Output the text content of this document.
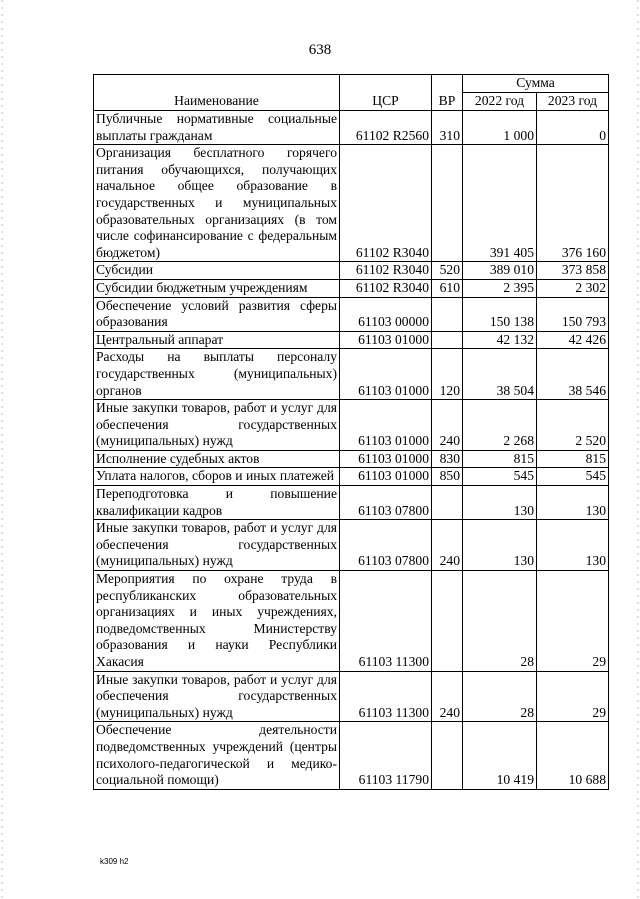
638
Наименование	ЦСР	ВР	Сумма	
			2022 год	2023 год
Публичные нормативные социальные выплаты гражданам	61102 R2560	310	1 000	0
Организация бесплатного горячего питания обучающихся, получающих начальное общее образование в государственных и муниципальных образовательных организациях (в том числе софинансирование с федеральным бюджетом)	61102 R3040		391 405	376 160
Субсидии	61102 R3040	520	389 010	373 858
Субсидии бюджетным учреждениям	61102 R3040	610	2 395	2 302
Обеспечение условий развития сферы образования	61103 00000		150 138	150 793
Центральный аппарат	61103 01000		42 132	42 426
Расходы на выплаты персоналу государственных (муниципальных) органов	61103 01000	120	38 504	38 546
Иные закупки товаров, работ и услуг для обеспечения государственных (муниципальных) нужд	61103 01000	240	2 268	2 520
Исполнение судебных актов	61103 01000	830	815	815
Уплата налогов, сборов и иных платежей	61103 01000	850	545	545
Переподготовка и повышение квалификации кадров	61103 07800		130	130
Иные закупки товаров, работ и услуг для обеспечения государственных (муниципальных) нужд	61103 07800	240	130	130
Мероприятия по охране труда в республиканских образовательных организациях и иных учреждениях, подведомственных Министерству образования и науки Республики Хакасия	61103 11300		28	29
Иные закупки товаров, работ и услуг для обеспечения государственных (муниципальных) нужд	61103 11300	240	28	29
Обеспечение деятельности подведомственных учреждений (центры психолого-педагогической и медико-социальной помощи)	61103 11790		10 419	10 688
k309 h2
